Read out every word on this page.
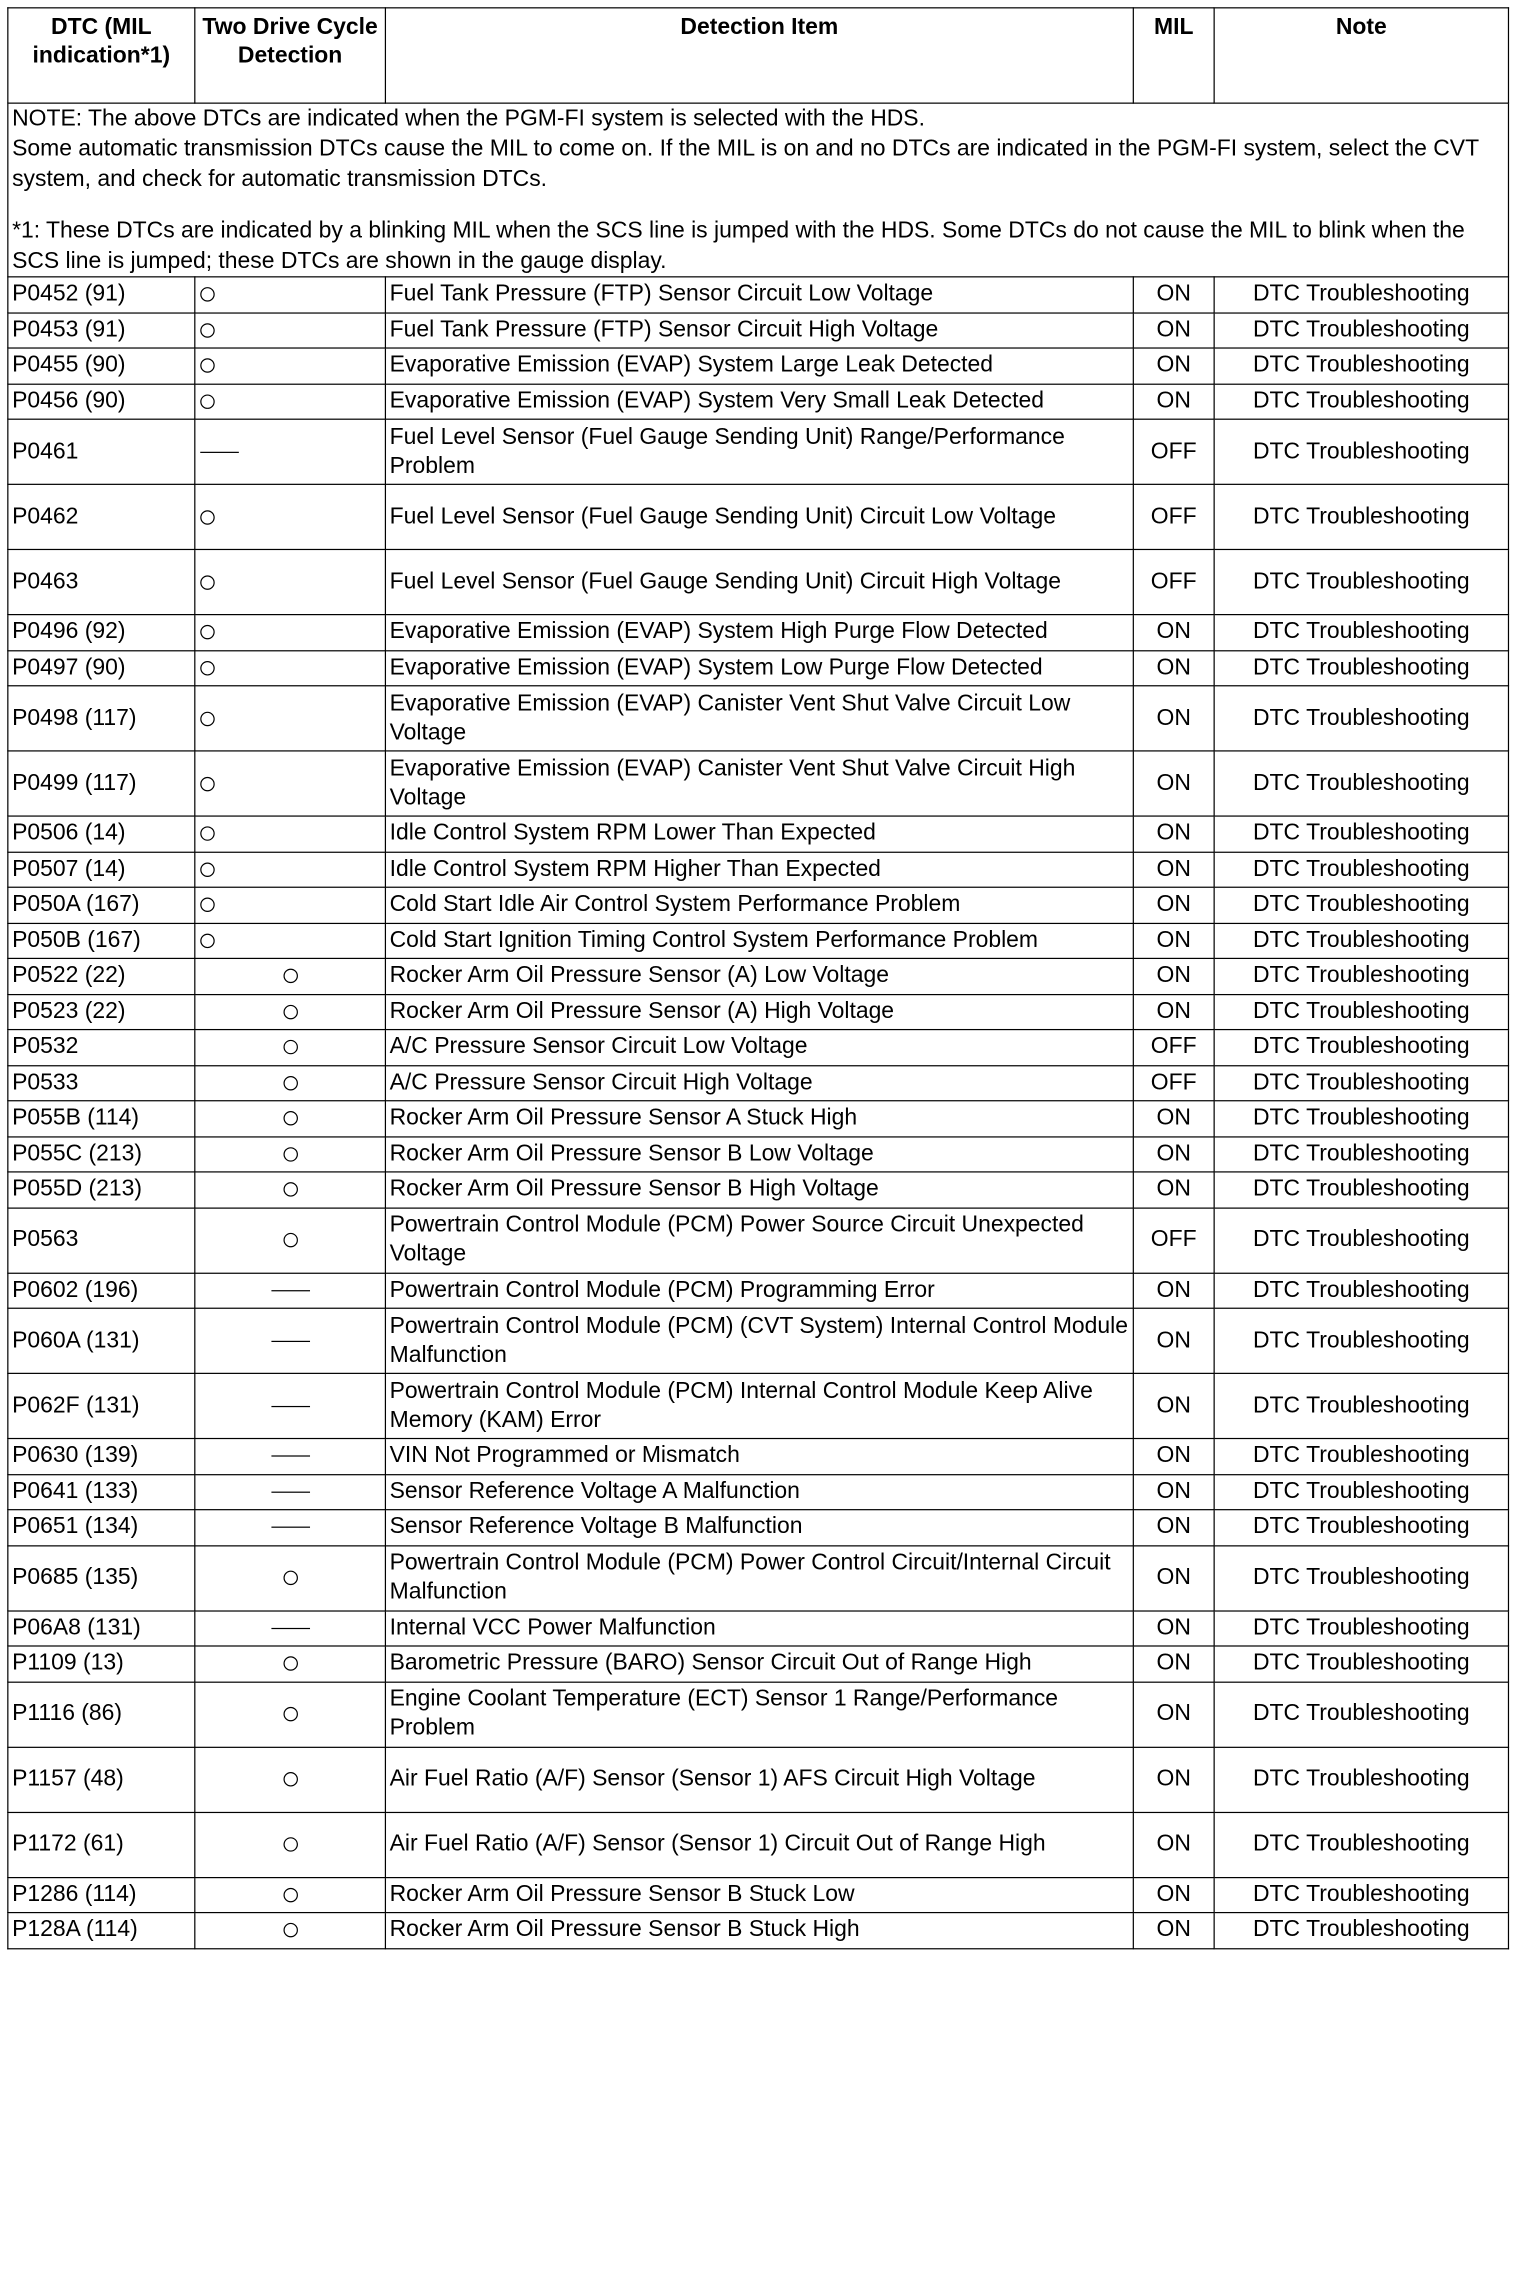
DTC (MIL indication*1)	Two Drive Cycle Detection	Detection Item	MIL	Note

NOTE: The above DTCs are indicated when the PGM-FI system is selected with the HDS.

Some automatic transmission DTCs cause the MIL to come on. If the MIL is on and no DTCs are indicated in the PGM-FI system, select the CVT system, and check for automatic transmission DTCs.

*1: These DTCs are indicated by a blinking MIL when the SCS line is jumped with the HDS. Some DTCs do not cause the MIL to blink when the SCS line is jumped; these DTCs are shown in the gauge display.				

P0452 (91)		Fuel Tank Pressure (FTP) Sensor Circuit Low Voltage	ON	DTC Troubleshooting
P0453 (91)		Fuel Tank Pressure (FTP) Sensor Circuit High Voltage	ON	DTC Troubleshooting
P0455 (90)		Evaporative Emission (EVAP) System Large Leak Detected	ON	DTC Troubleshooting
P0456 (90)		Evaporative Emission (EVAP) System Very Small Leak Detected	ON	DTC Troubleshooting
P0461		Fuel Level Sensor (Fuel Gauge Sending Unit) Range/Performance Problem	OFF	DTC Troubleshooting
P0462		Fuel Level Sensor (Fuel Gauge Sending Unit) Circuit Low Voltage	OFF	DTC Troubleshooting
P0463		Fuel Level Sensor (Fuel Gauge Sending Unit) Circuit High Voltage	OFF	DTC Troubleshooting
P0496 (92)		Evaporative Emission (EVAP) System High Purge Flow Detected	ON	DTC Troubleshooting
P0497 (90)		Evaporative Emission (EVAP) System Low Purge Flow Detected	ON	DTC Troubleshooting
P0498 (117)		Evaporative Emission (EVAP) Canister Vent Shut Valve Circuit Low Voltage	ON	DTC Troubleshooting
P0499 (117)		Evaporative Emission (EVAP) Canister Vent Shut Valve Circuit High Voltage	ON	DTC Troubleshooting
P0506 (14)		Idle Control System RPM Lower Than Expected	ON	DTC Troubleshooting
P0507 (14)		Idle Control System RPM Higher Than Expected	ON	DTC Troubleshooting
P050A (167)		Cold Start Idle Air Control System Performance Problem	ON	DTC Troubleshooting
P050B (167)		Cold Start Ignition Timing Control System Performance Problem	ON	DTC Troubleshooting
P0522 (22)		Rocker Arm Oil Pressure Sensor (A) Low Voltage	ON	DTC Troubleshooting
P0523 (22)		Rocker Arm Oil Pressure Sensor (A) High Voltage	ON	DTC Troubleshooting
P0532		A/C Pressure Sensor Circuit Low Voltage	OFF	DTC Troubleshooting
P0533		A/C Pressure Sensor Circuit High Voltage	OFF	DTC Troubleshooting
P055B (114)		Rocker Arm Oil Pressure Sensor A Stuck High	ON	DTC Troubleshooting
P055C (213)		Rocker Arm Oil Pressure Sensor B Low Voltage	ON	DTC Troubleshooting
P055D (213)		Rocker Arm Oil Pressure Sensor B High Voltage	ON	DTC Troubleshooting
P0563		Powertrain Control Module (PCM) Power Source Circuit Unexpected Voltage	OFF	DTC Troubleshooting
P0602 (196)		Powertrain Control Module (PCM) Programming Error	ON	DTC Troubleshooting
P060A (131)		Powertrain Control Module (PCM) (CVT System) Internal Control Module Malfunction	ON	DTC Troubleshooting
P062F (131)		Powertrain Control Module (PCM) Internal Control Module Keep Alive Memory (KAM) Error	ON	DTC Troubleshooting
P0630 (139)		VIN Not Programmed or Mismatch	ON	DTC Troubleshooting
P0641 (133)		Sensor Reference Voltage A Malfunction	ON	DTC Troubleshooting
P0651 (134)		Sensor Reference Voltage B Malfunction	ON	DTC Troubleshooting
P0685 (135)		Powertrain Control Module (PCM) Power Control Circuit/Internal Circuit Malfunction	ON	DTC Troubleshooting
P06A8 (131)		Internal VCC Power Malfunction	ON	DTC Troubleshooting
P1109 (13)		Barometric Pressure (BARO) Sensor Circuit Out of Range High	ON	DTC Troubleshooting
P1116 (86)		Engine Coolant Temperature (ECT) Sensor 1 Range/Performance Problem	ON	DTC Troubleshooting
P1157 (48)		Air Fuel Ratio (A/F) Sensor (Sensor 1) AFS Circuit High Voltage	ON	DTC Troubleshooting
P1172 (61)		Air Fuel Ratio (A/F) Sensor (Sensor 1) Circuit Out of Range High	ON	DTC Troubleshooting
P1286 (114)		Rocker Arm Oil Pressure Sensor B Stuck Low	ON	DTC Troubleshooting
P128A (114)		Rocker Arm Oil Pressure Sensor B Stuck High	ON	DTC Troubleshooting
